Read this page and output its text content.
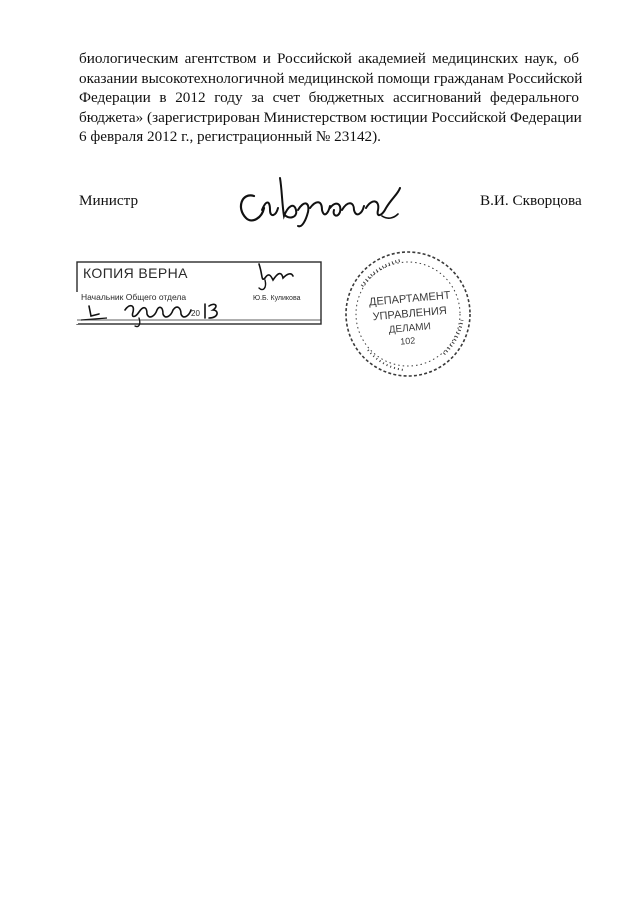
биологическим агентством и Российской академией медицинских наук, об
оказании высокотехнологичной медицинской помощи гражданам Российской
Федерации в 2012 году за счет бюджетных ассигнований федерального
бюджета» (зарегистрирован Министерством юстиции Российской Федерации
6 февраля 2012 г., регистрационный № 23142).
Министр	В.И. Скворцова
КОПИЯ ВЕРНА
Начальник Общего отдела	Ю.Б. Куликова
20
ДЕПАРТАМЕНТ
УПРАВЛЕНИЯ
ДЕЛАМИ
102
